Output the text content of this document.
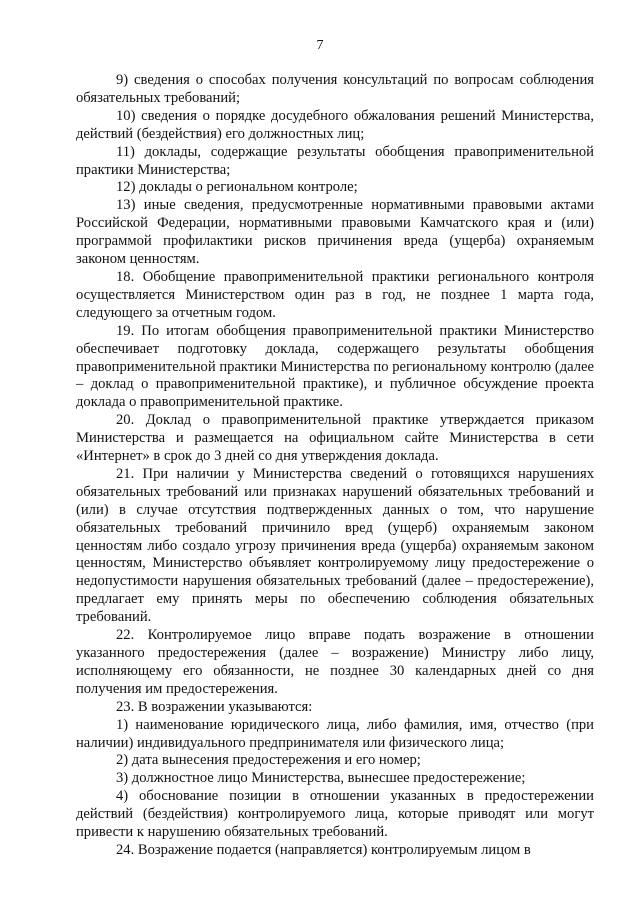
7

9) сведения о способах получения консультаций по вопросам соблюдения обязательных требований;

10) сведения о порядке досудебного обжалования решений Министерства, действий (бездействия) его должностных лиц;

11) доклады, содержащие результаты обобщения правоприменительной практики Министерства;

12) доклады о региональном контроле;

13) иные сведения, предусмотренные нормативными правовыми актами Российской Федерации, нормативными правовыми Камчатского края и (или) программой профилактики рисков причинения вреда (ущерба) охраняемым законом ценностям.

18. Обобщение правоприменительной практики регионального контроля осуществляется Министерством один раз в год, не позднее 1 марта года, следующего за отчетным годом.

19. По итогам обобщения правоприменительной практики Министерство обеспечивает подготовку доклада, содержащего результаты обобщения правоприменительной практики Министерства по региональному контролю (далее – доклад о правоприменительной практике), и публичное обсуждение проекта доклада о правоприменительной практике.

20. Доклад о правоприменительной практике утверждается приказом Министерства и размещается на официальном сайте Министерства в сети «Интернет» в срок до 3 дней со дня утверждения доклада.

21. При наличии у Министерства сведений о готовящихся нарушениях обязательных требований или признаках нарушений обязательных требований и (или) в случае отсутствия подтвержденных данных о том, что нарушение обязательных требований причинило вред (ущерб) охраняемым законом ценностям либо создало угрозу причинения вреда (ущерба) охраняемым законом ценностям, Министерство объявляет контролируемому лицу предостережение о недопустимости нарушения обязательных требований (далее – предостережение), предлагает ему принять меры по обеспечению соблюдения обязательных требований.

22. Контролируемое лицо вправе подать возражение в отношении указанного предостережения (далее – возражение) Министру либо лицу, исполняющему его обязанности, не позднее 30 календарных дней со дня получения им предостережения.

23. В возражении указываются:

1) наименование юридического лица, либо фамилия, имя, отчество (при наличии) индивидуального предпринимателя или физического лица;

2) дата вынесения предостережения и его номер;

3) должностное лицо Министерства, вынесшее предостережение;

4) обоснование позиции в отношении указанных в предостережении действий (бездействия) контролируемого лица, которые приводят или могут привести к нарушению обязательных требований.

24. Возражение подается (направляется) контролируемым лицом в
